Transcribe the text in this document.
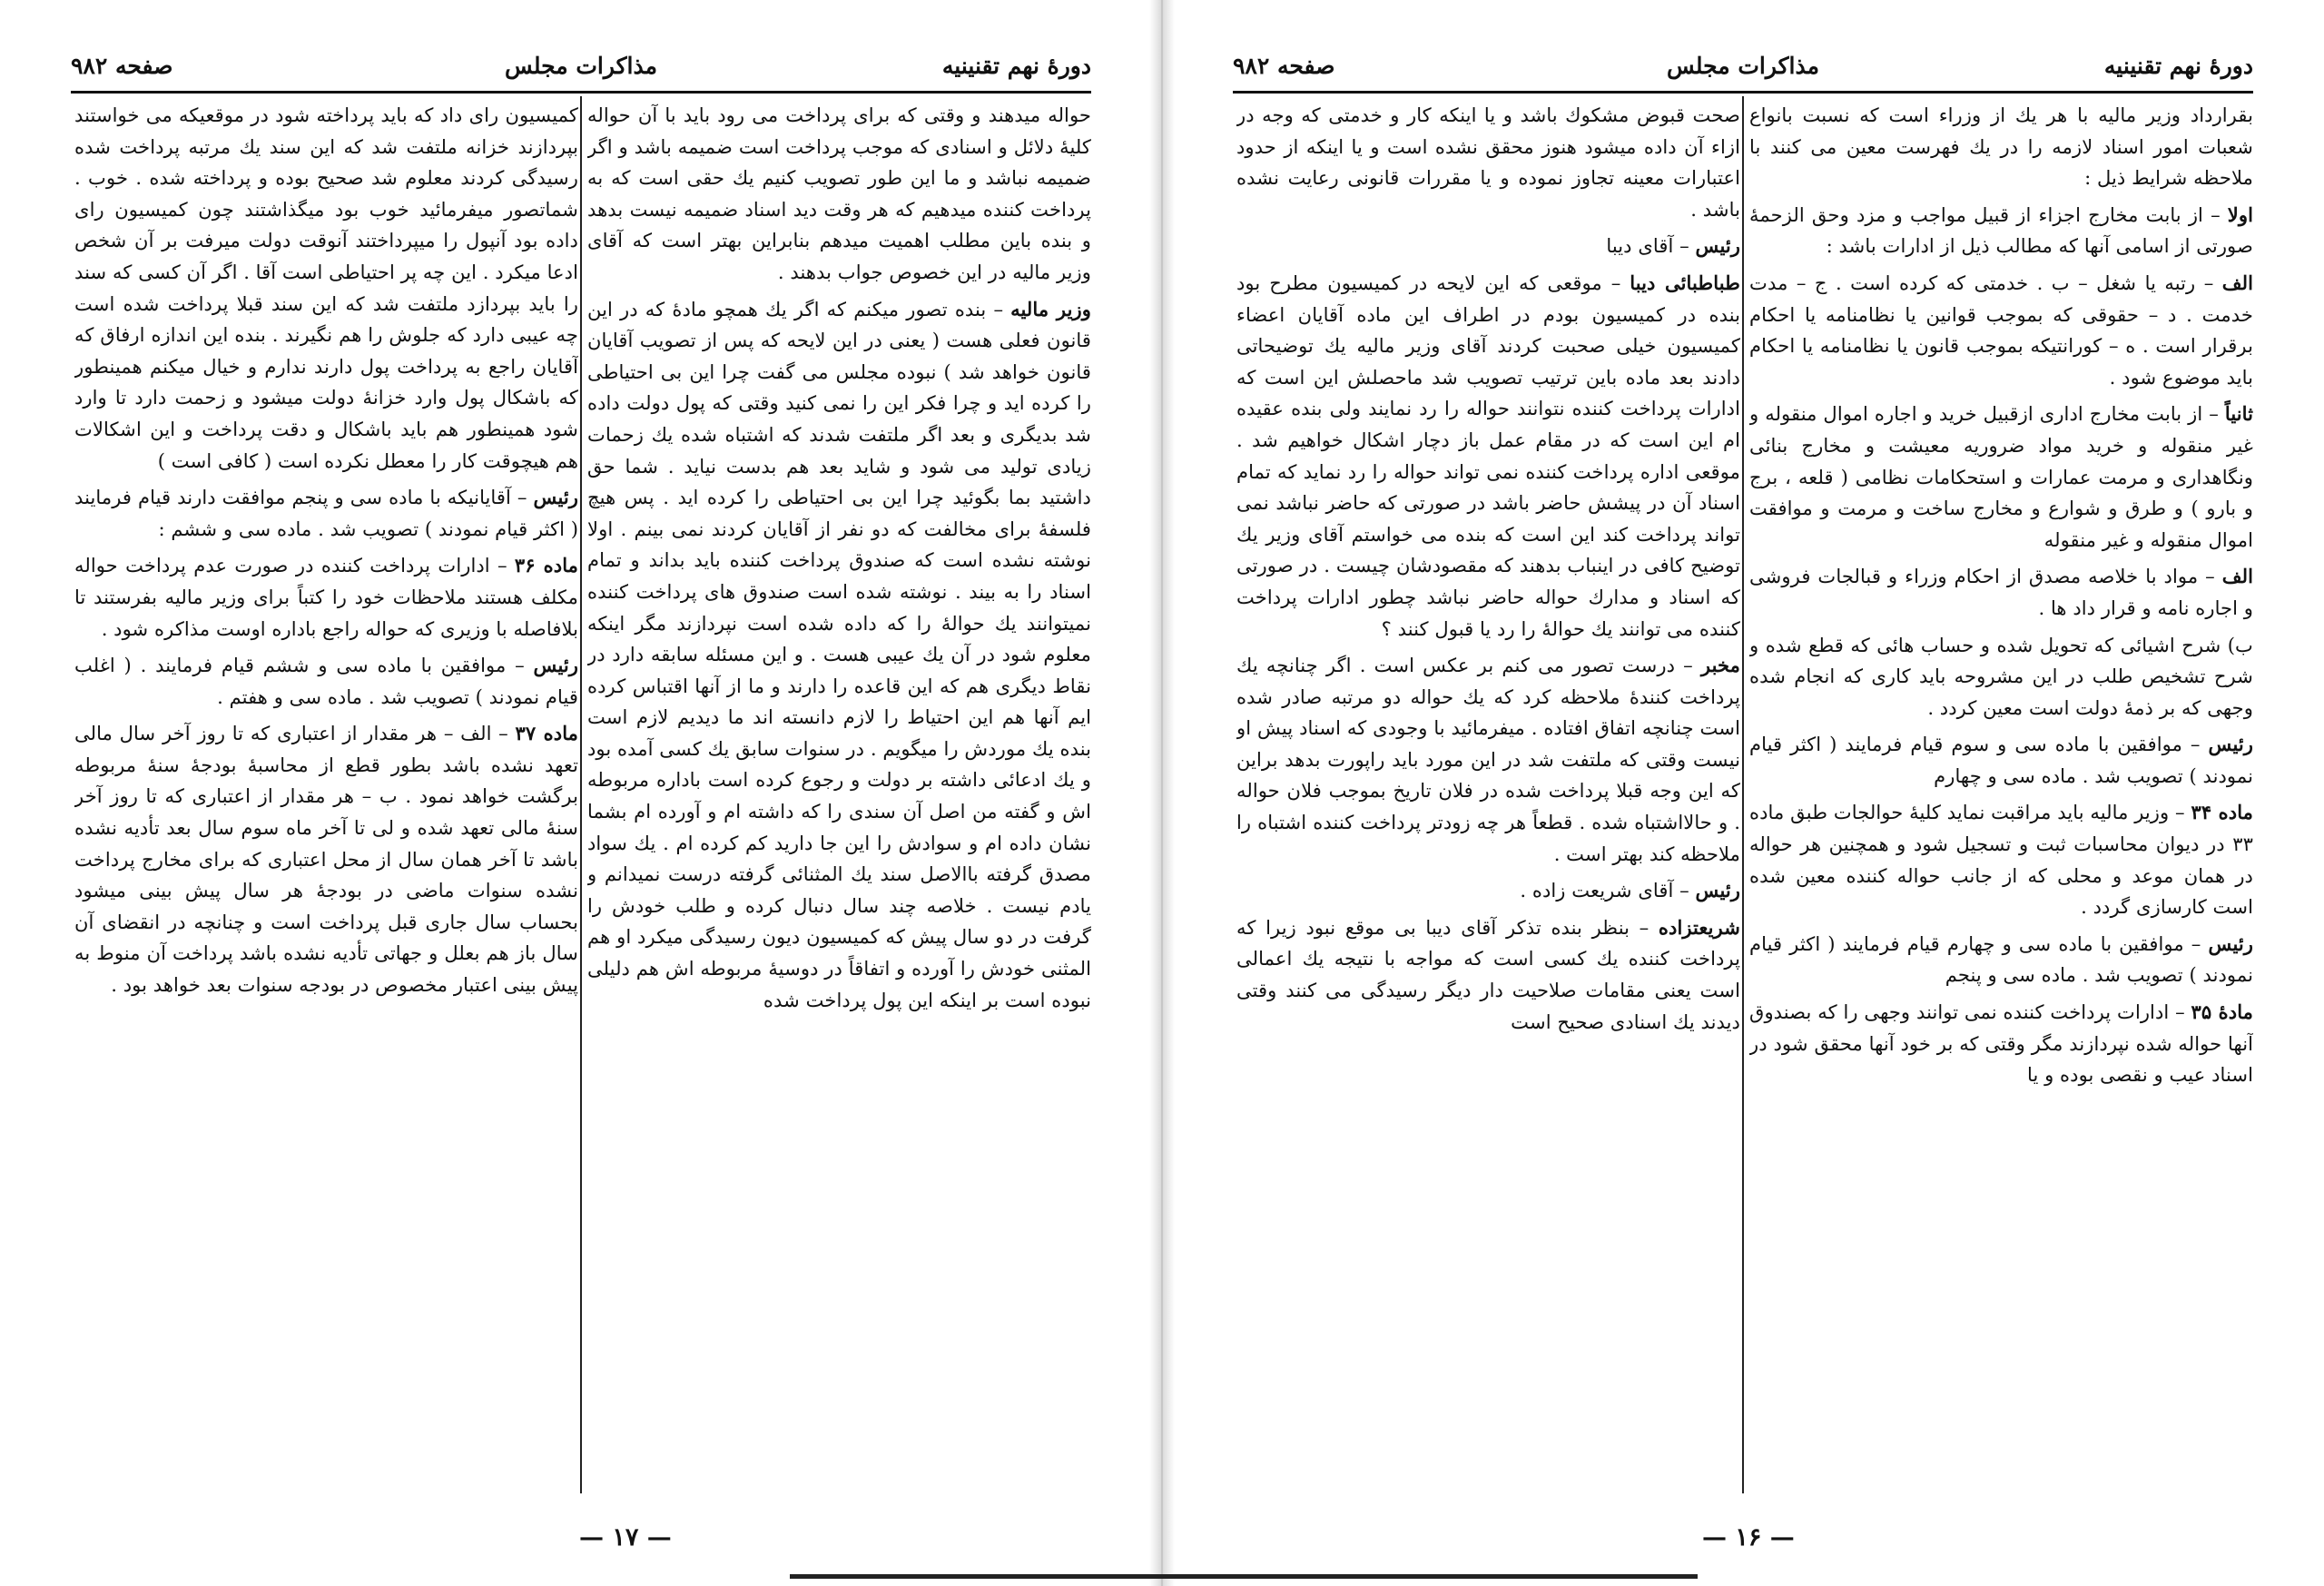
دورهٔ نهم تقنینیه
مذاکرات مجلس
صفحه ۹۸۲

حواله میدهند و وقتی که برای پرداخت می رود باید با آن حواله کلیهٔ دلائل و اسنادی که موجب پرداخت است ضمیمه باشد و اگر ضمیمه نباشد و ما این طور تصویب کنیم یك حقی است که به پرداخت کننده میدهیم که هر وقت دید اسناد ضمیمه نیست بدهد و بنده باین مطلب اهمیت میدهم بنابراین بهتر است که آقای وزیر مالیه در این خصوص جواب بدهند .

وزیر مالیه – بنده تصور میکنم که اگر یك همچو مادهٔ که در این قانون فعلی هست ( یعنی در این لایحه که پس از تصویب آقایان قانون خواهد شد ) نبوده مجلس می گفت چرا این بی احتیاطی را کرده اید و چرا فکر این را نمی کنید وقتی که پول دولت داده شد بدیگری و بعد اگر ملتفت شدند که اشتباه شده یك زحمات زیادی تولید می شود و شاید بعد هم بدست نیاید . شما حق داشتید بما بگوئید چرا این بی احتیاطی را کرده اید . پس هیچ فلسفهٔ برای مخالفت که دو نفر از آقایان کردند نمی بینم . اولا نوشته نشده است که صندوق پرداخت کننده باید بداند و تمام اسناد را به بیند . نوشته شده است صندوق های پرداخت کننده نمیتوانند یك حوالهٔ را که داده شده است نپردازند مگر اینکه معلوم شود در آن یك عیبی هست . و این مسئله سابقه دارد در نقاط دیگری هم که این قاعده را دارند و ما از آنها اقتباس کرده ایم آنها هم این احتیاط را لازم دانسته اند ما دیدیم لازم است بنده یك موردش را میگویم . در سنوات سابق یك کسی آمده بود و یك ادعائی داشته بر دولت و رجوع کرده است باداره مربوطه اش و گفته من اصل آن سندی را که داشته ام و آورده ام بشما نشان داده ام و سوادش را این جا دارید کم کرده ام . یك سواد مصدق گرفته باالاصل سند یك المثنائی گرفته درست نمیدانم و یادم نیست . خلاصه چند سال دنبال کرده و طلب خودش را گرفت در دو سال پیش که کمیسیون دیون رسیدگی میکرد او هم المثنی خودش را آورده و اتفاقاً در دوسیهٔ مربوطه اش هم دلیلی نبوده است بر اینکه این پول پرداخت شده

کمیسیون رای داد که باید پرداخته شود در موقعیکه می خواستند بپردازند خزانه ملتفت شد که این سند یك مرتبه پرداخت شده رسیدگی کردند معلوم شد صحیح بوده و پرداخته شده . خوب . شماتصور میفرمائید خوب بود میگذاشتند چون کمیسیون رای داده بود آنپول را میپرداختند آنوقت دولت میرفت بر آن شخص ادعا میکرد . این چه پر احتیاطی است آقا . اگر آن کسی که سند را باید بپردازد ملتفت شد که این سند قبلا پرداخت شده است چه عیبی دارد که جلوش را هم نگیرند . بنده این اندازه ارفاق که آقایان راجع به پرداخت پول دارند ندارم و خیال میکنم همینطور که باشکال پول وارد خزانهٔ دولت میشود و زحمت دارد تا وارد شود همینطور هم باید باشکال و دقت پرداخت و این اشکالات هم هیچوقت کار را معطل نکرده است ( کافی است )

رئیس – آقایانیکه با ماده سی و پنجم موافقت دارند قیام فرمایند ( اکثر قیام نمودند ) تصویب شد . ماده سی و ششم :

ماده ۳۶ – ادارات پرداخت کننده در صورت عدم پرداخت حواله مکلف هستند ملاحظات خود را کتباً برای وزیر مالیه بفرستند تا بلافاصله با وزیری که حواله راجع باداره اوست مذاکره شود .

رئیس – موافقین با ماده سی و ششم قیام فرمایند . ( اغلب قیام نمودند ) تصویب شد . ماده سی و هفتم .

ماده ۳۷ – الف – هر مقدار از اعتباری که تا روز آخر سال مالی تعهد نشده باشد بطور قطع از محاسبهٔ بودجهٔ سنهٔ مربوطه برگشت خواهد نمود . ب – هر مقدار از اعتباری که تا روز آخر سنهٔ مالی تعهد شده و لی تا آخر ماه سوم سال بعد تأدیه نشده باشد تا آخر همان سال از محل اعتباری که برای مخارج پرداخت نشده سنوات ماضی در بودجهٔ هر سال پیش بینی میشود بحساب سال جاری قبل پرداخت است و چنانچه در انقضای آن سال باز هم بعلل و جهاتی تأدیه نشده باشد پرداخت آن منوط به پیش بینی اعتبار مخصوص در بودجه سنوات بعد خواهد بود .

— ۱۷ —
دورهٔ نهم تقنینیه
مذاکرات مجلس
صفحه ۹۸۲

بقرارداد وزیر مالیه با هر یك از وزراء است که نسبت بانواع شعبات امور اسناد لازمه را در یك فهرست معین می کنند با ملاحظه شرایط ذیل :

اولا – از بابت مخارج اجزاء از قبیل مواجب و مزد وحق الزحمهٔ صورتی از اسامی آنها که مطالب ذیل از ادارات باشد :

الف – رتبه یا شغل – ب . خدمتی که کرده است . ج – مدت خدمت . د – حقوقی که بموجب قوانین یا نظامنامه یا احکام برقرار است . ه – کورانتیکه بموجب قانون یا نظامنامه یا احکام باید موضوع شود .

ثانیاً – از بابت مخارج اداری ازقبیل خرید و اجاره اموال منقوله و غیر منقوله و خرید مواد ضروریه معیشت و مخارج بنائی ونگاهداری و مرمت عمارات و استحکامات نظامی ( قلعه ، برج و بارو ) و طرق و شوارع و مخارج ساخت و مرمت و موافقت اموال منقوله و غیر منقوله

الف – مواد با خلاصه مصدق از احکام وزراء و قبالجات فروشی و اجاره نامه و قرار داد ها .

ب) شرح اشیائی که تحویل شده و حساب هائی که قطع شده و شرح تشخیص طلب در این مشروحه باید کاری که انجام شده وجهی که بر ذمهٔ دولت است معین کردد .

رئیس – موافقین با ماده سی و سوم قیام فرمایند ( اکثر قیام نمودند ) تصویب شد . ماده سی و چهارم

ماده ۳۴ – وزیر مالیه باید مراقبت نماید کلیهٔ حوالجات طبق ماده ۳۳ در دیوان محاسبات ثبت و تسجیل شود و همچنین هر حواله در همان موعد و محلی که از جانب حواله کننده معین شده است کارسازی گردد .

رئیس – موافقین با ماده سی و چهارم قیام فرمایند ( اکثر قیام نمودند ) تصویب شد . ماده سی و پنجم

مادهٔ ۳۵ – ادارات پرداخت کننده نمی توانند وجهی را که بصندوق آنها حواله شده نپردازند مگر وقتی که بر خود آنها محقق شود در اسناد عیب و نقصی بوده و یا

صحت قبوض مشکوك باشد و یا اینکه کار و خدمتی که وجه در ازاء آن داده میشود هنوز محقق نشده است و یا اینکه از حدود اعتبارات معینه تجاوز نموده و یا مقررات قانونی رعایت نشده باشد .

رئیس – آقای دیبا

طباطبائی دیبا – موقعی که این لایحه در کمیسیون مطرح بود بنده در کمیسیون بودم در اطراف این ماده آقایان اعضاء کمیسیون خیلی صحبت کردند آقای وزیر مالیه یك توضیحاتی دادند بعد ماده باین ترتیب تصویب شد ماحصلش این است که ادارات پرداخت کننده نتوانند حواله را رد نمایند ولی بنده عقیده ام این است که در مقام عمل باز دچار اشکال خواهیم شد . موقعی اداره پرداخت کننده نمی تواند حواله را رد نماید که تمام اسناد آن در پیشش حاضر باشد در صورتی که حاضر نباشد نمی تواند پرداخت کند این است که بنده می خواستم آقای وزیر یك توضیح کافی در اینباب بدهند که مقصودشان چیست . در صورتی که اسناد و مدارك حواله حاضر نباشد چطور ادارات پرداخت کننده می توانند یك حوالهٔ را رد یا قبول کنند ؟

مخبر – درست تصور می کنم بر عکس است . اگر چنانچه یك پرداخت کنندهٔ ملاحظه کرد که یك حواله دو مرتبه صادر شده است چنانچه اتفاق افتاده . میفرمائید با وجودی که اسناد پیش او نیست وقتی که ملتفت شد در این مورد باید راپورت بدهد براین که این وجه قبلا پرداخت شده در فلان تاریخ بموجب فلان حواله . و حالااشتباه شده . قطعاً هر چه زودتر پرداخت کننده اشتباه را ملاحظه کند بهتر است .

رئیس – آقای شریعت زاده .

شریعتزاده – بنظر بنده تذکر آقای دیبا بی موقع نبود زیرا که پرداخت کننده یك کسی است که مواجه با نتیجه یك اعمالی است یعنی مقامات صلاحیت دار دیگر رسیدگی می کنند وقتی دیدند یك اسنادی صحیح است

— ۱۶ —
